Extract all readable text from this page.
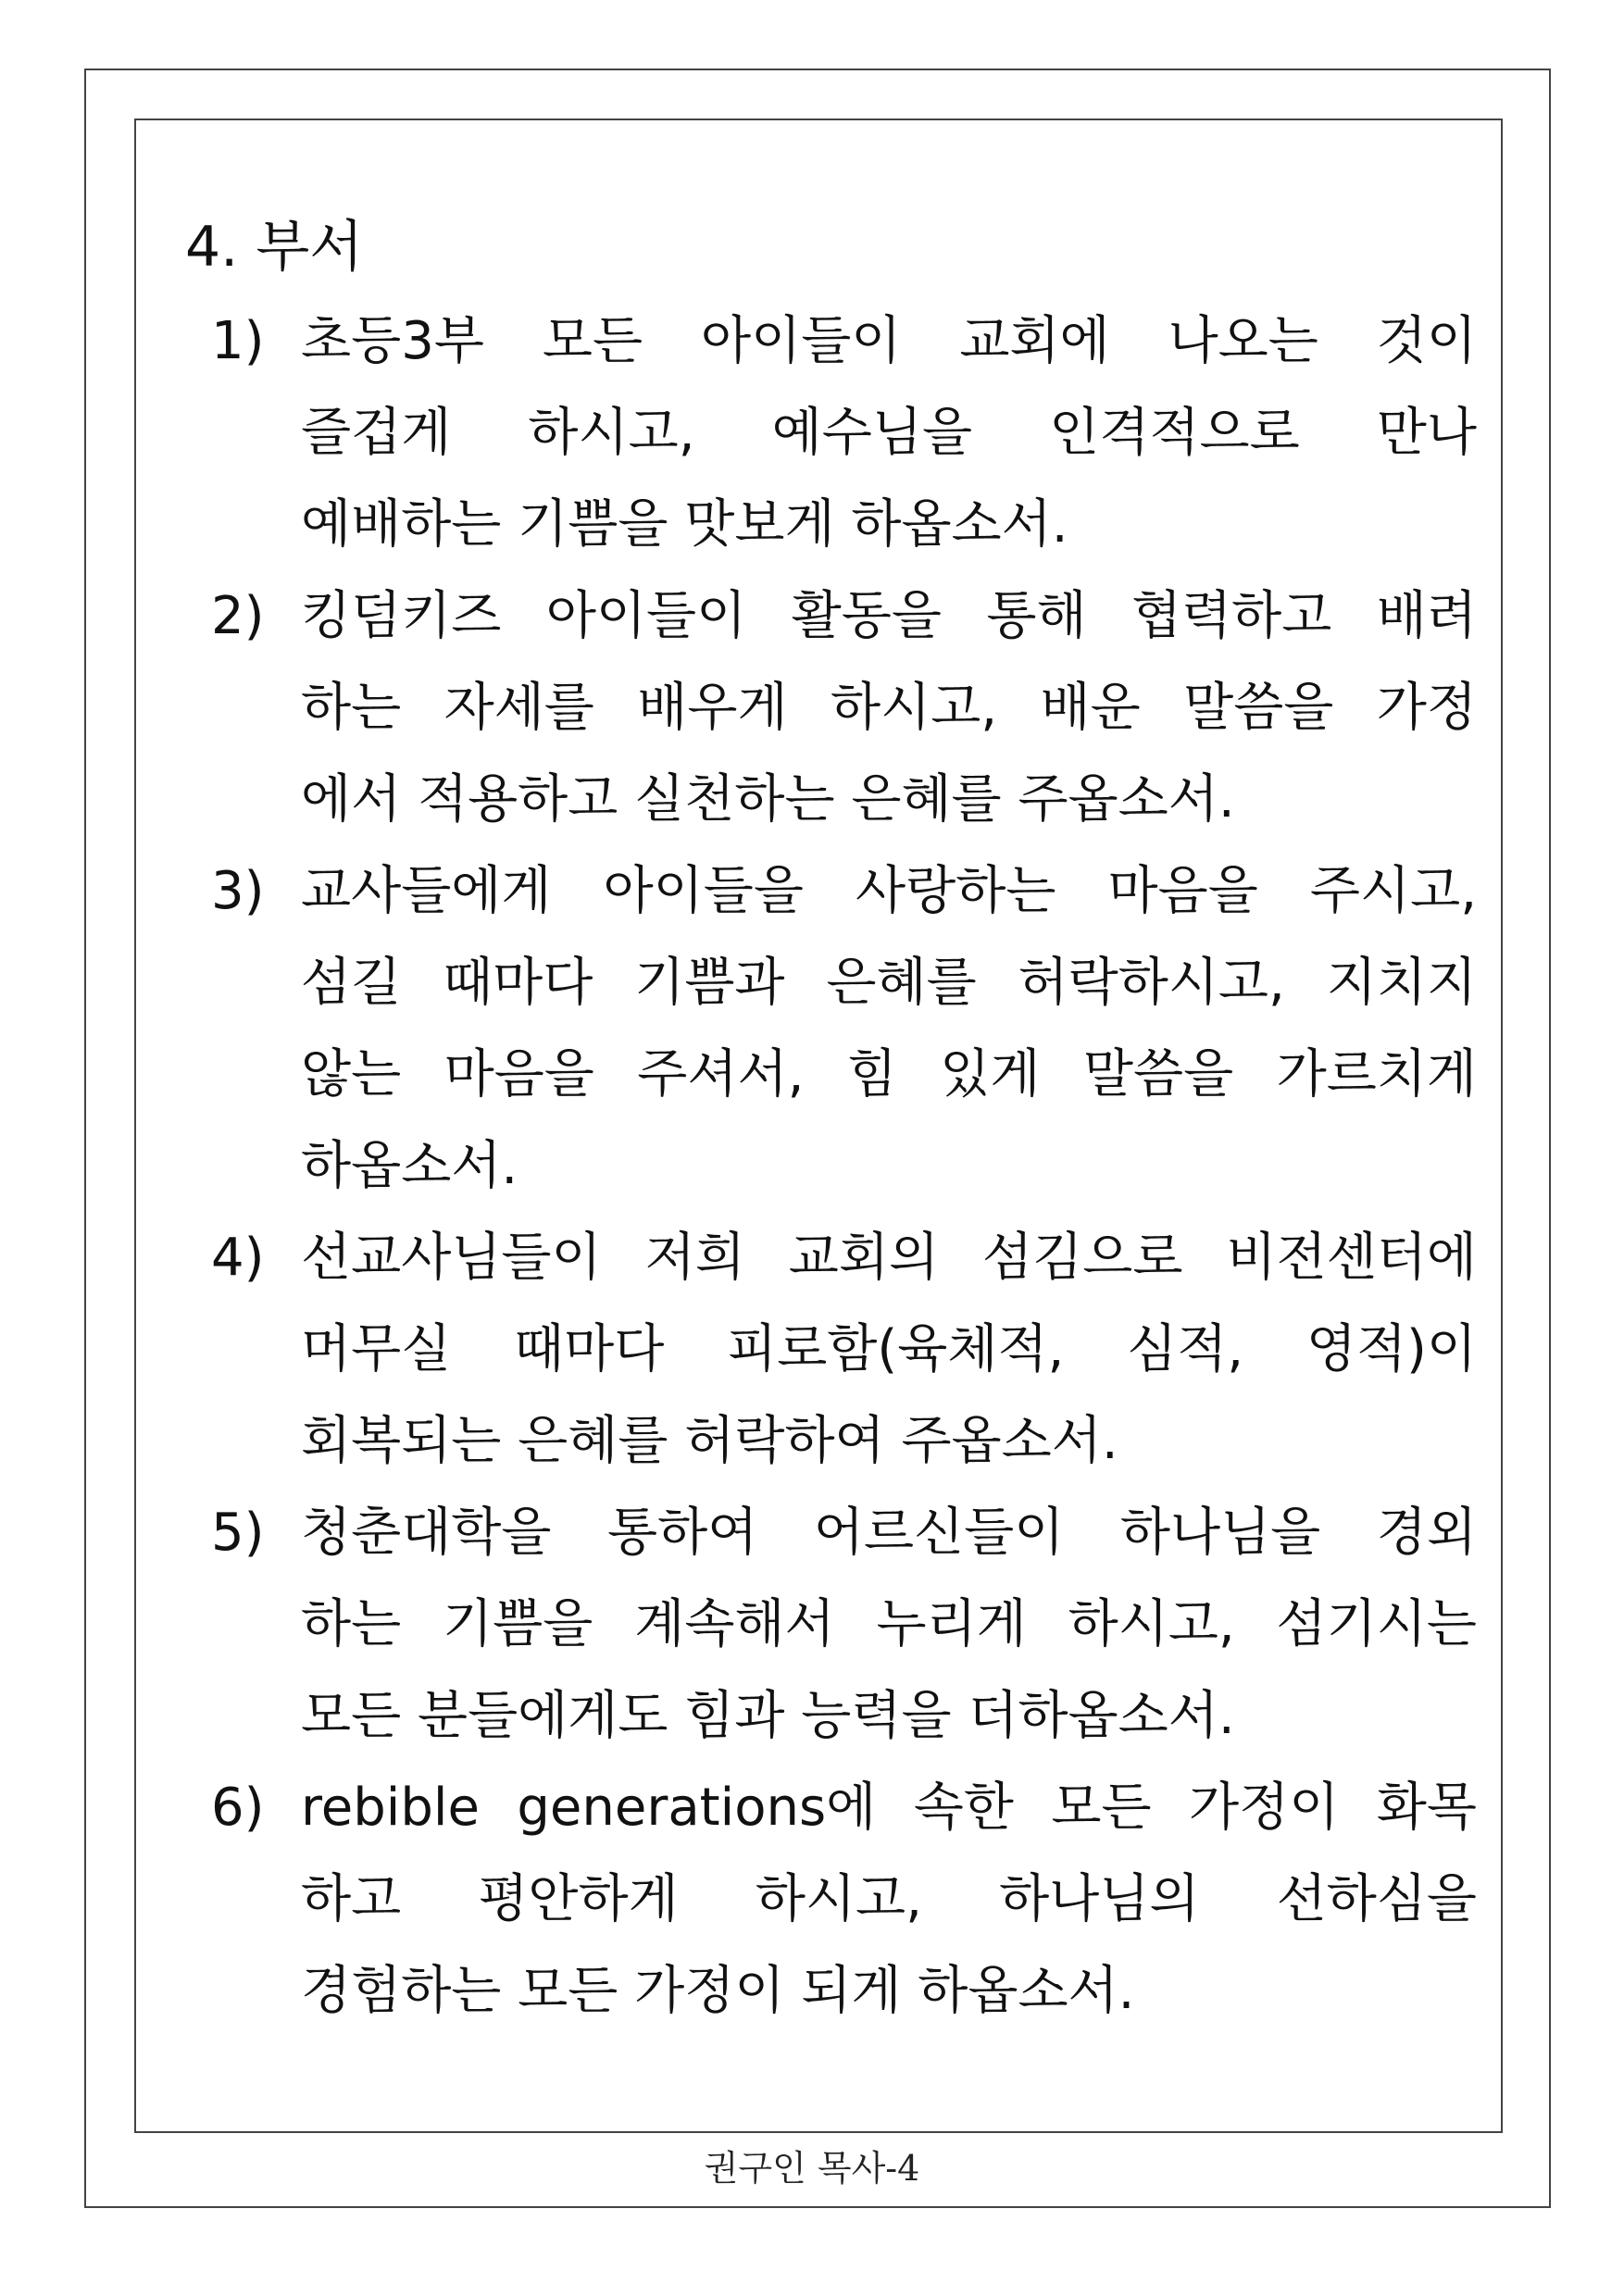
4. 부서
1) 초등3부 모든 아이들이 교회에 나오는 것이
즐겁게 하시고, 예수님을 인격적으로 만나
예배하는 기쁨을 맛보게 하옵소서.
2) 킹덤키즈 아이들이 활동을 통해 협력하고 배려
하는 자세를 배우게 하시고, 배운 말씀을 가정
에서 적용하고 실천하는 은혜를 주옵소서.
3) 교사들에게 아이들을 사랑하는 마음을 주시고,
섬길 때마다 기쁨과 은혜를 허락하시고, 지치지
않는 마음을 주셔서, 힘 있게 말씀을 가르치게
하옵소서.
4) 선교사님들이 저희 교회의 섬김으로 비전센터에
머무실 때마다 피로함(육체적, 심적, 영적)이
회복되는 은혜를 허락하여 주옵소서.
5) 청춘대학을 통하여 어르신들이 하나님을 경외
하는 기쁨을 계속해서 누리게 하시고, 섬기시는
모든 분들에게도 힘과 능력을 더하옵소서.
6) rebible generations에 속한 모든 가정이 화목
하고 평안하게 하시고, 하나님의 선하심을
경험하는 모든 가정이 되게 하옵소서.
권구인 목사-4
